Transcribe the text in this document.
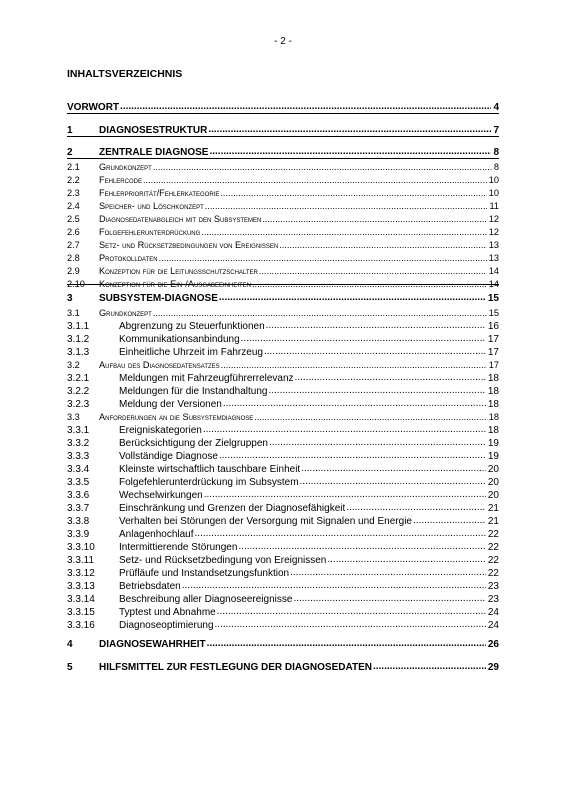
- 2 -
INHALTSVERZEICHNIS
VORWORT .....	4
1	DIAGNOSESTRUKTUR .....	7
2	ZENTRALE DIAGNOSE .....	8
2.1	Grundkonzept .....	8
2.2	Fehlercode .....	10
2.3	Fehlerpriorität/Fehlerkategorie .....	10
2.4	Speicher- und Löschkonzept .....	11
2.5	Diagnosedatenabgleich mit den Subsystemen .....	12
2.6	Folgefehlerunterdrückung .....	12
2.7	Setz- und Rücksetzbedingungen von Ereignissen .....	13
2.8	Protokolldaten .....	13
2.9	Konzeption für die Leitungsschutzschalter .....	14
2.10	Konzeption für die Ein-/Ausgabeeinheiten .....	14
3	SUBSYSTEM-DIAGNOSE .....	15
3.1	Grundkonzept .....	15
3.1.1	Abgrenzung zu Steuerfunktionen .....	16
3.1.2	Kommunikationsanbindung .....	17
3.1.3	Einheitliche Uhrzeit im Fahrzeug .....	17
3.2	Aufbau des Diagnosedatensatzes .....	17
3.2.1	Meldungen mit Fahrzeugführerrelevanz .....	18
3.2.2	Meldungen für die Instandhaltung .....	18
3.2.3	Meldung der Versionen .....	18
3.3	Anforderungen an die Subsystemdiagnose .....	18
3.3.1	Ereigniskategorien .....	18
3.3.2	Berücksichtigung der Zielgruppen .....	19
3.3.3	Vollständige Diagnose .....	19
3.3.4	Kleinste wirtschaftlich tauschbare Einheit .....	20
3.3.5	Folgefehlerunterdrückung im Subsystem .....	20
3.3.6	Wechselwirkungen .....	20
3.3.7	Einschränkung und Grenzen der Diagnosefähigkeit .....	21
3.3.8	Verhalten bei Störungen der Versorgung mit Signalen und Energie .....	21
3.3.9	Anlagenhochlauf .....	22
3.3.10	Intermittierende Störungen .....	22
3.3.11	Setz- und Rücksetzbedingung von Ereignissen .....	22
3.3.12	Prüfläufe und Instandsetzungsfunktion .....	22
3.3.13	Betriebsdaten .....	23
3.3.14	Beschreibung aller Diagnoseereignisse .....	23
3.3.15	Typtest und Abnahme .....	24
3.3.16	Diagnoseoptimierung .....	24
4	DIAGNOSEWAHRHEIT .....	26
5	HILFSMITTEL ZUR FESTLEGUNG DER DIAGNOSEDATEN .....	29
